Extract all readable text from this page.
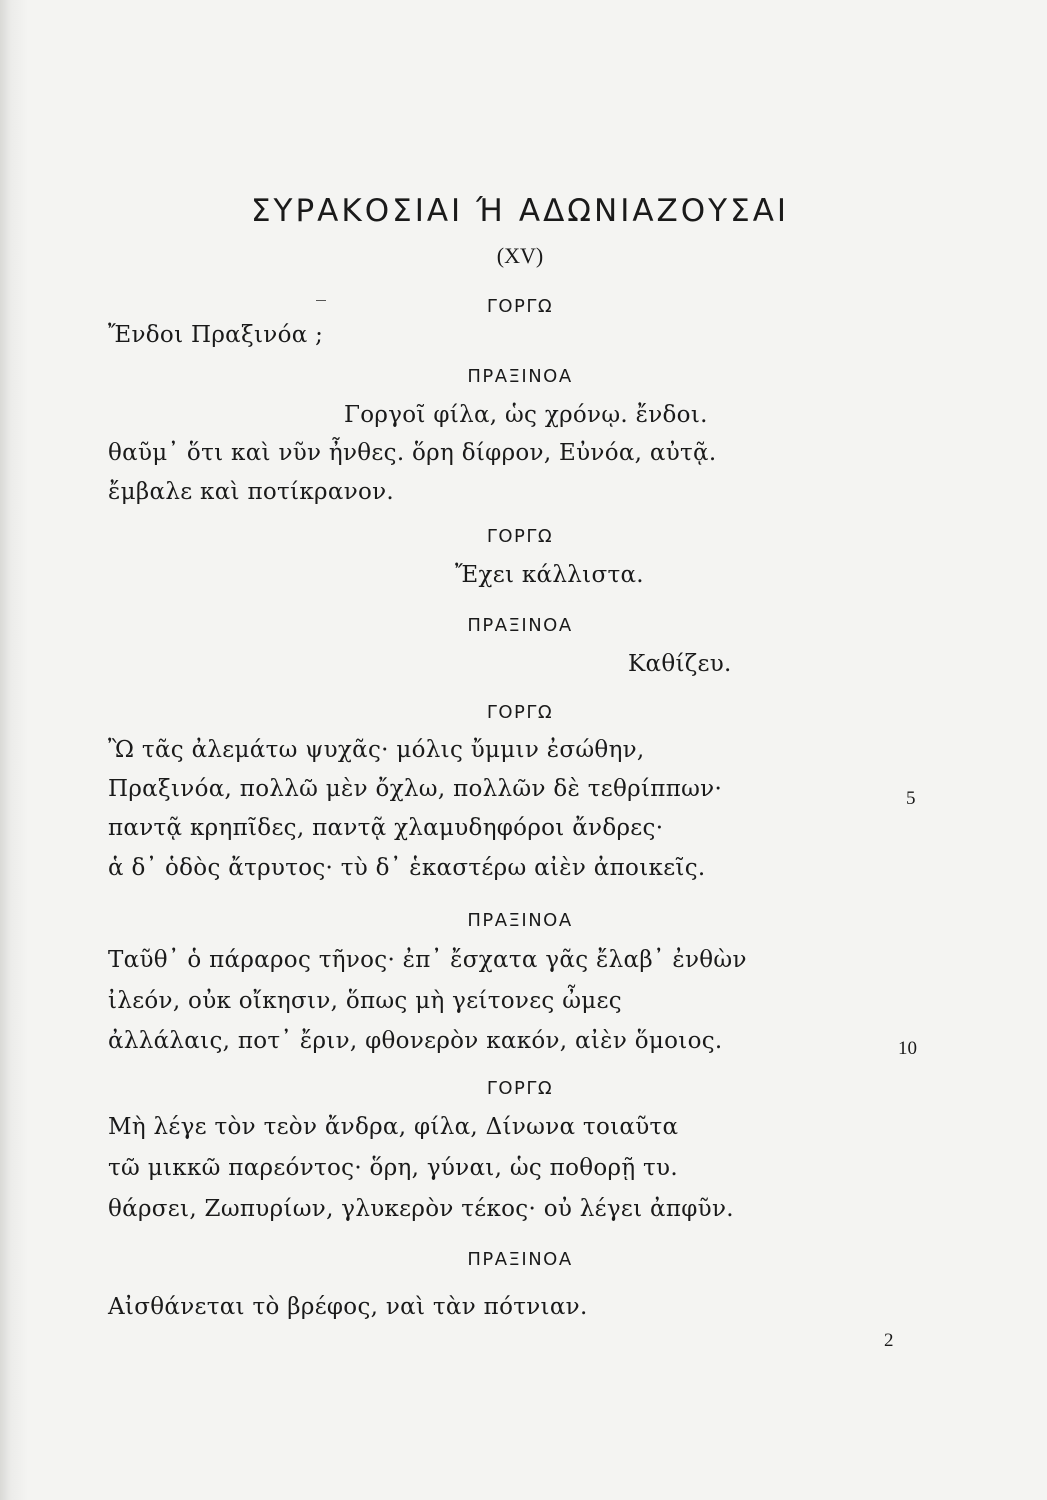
ΣΥΡΑΚΟΣΙΑΙ Ή ΑΔΩΝΙΑΖΟΥΣΑΙ
(XV)
ΓΟΡΓΩ
Ἔνδοι Πραξινόα ;
ΠΡΑΞΙΝΟΑ
Γοργοῖ φίλα, ὡς χρόνῳ. ἔνδοι.
θαῦμ᾽ ὅτι καὶ νῦν ἦνθες. ὅρη δίφρον, Εὐνόα, αὐτᾷ.
ἔμβαλε καὶ ποτίκρανον.
ΓΟΡΓΩ
Ἔχει κάλλιστα.
ΠΡΑΞΙΝΟΑ
Καθίζευ.
ΓΟΡΓΩ
Ὢ τᾶς ἀλεμάτω ψυχᾶς· μόλις ὔμμιν ἐσώθην,
Πραξινόα, πολλῶ μὲν ὄχλω, πολλῶν δὲ τεθρίππων·	5
παντᾷ κρηπῖδες, παντᾷ χλαμυδηφόροι ἄνδρες·
ἁ δ᾽ ὁδὸς ἄτρυτος· τὺ δ᾽ ἑκαστέρω αἰὲν ἀποικεῖς.
ΠΡΑΞΙΝΟΑ
Ταῦθ᾽ ὁ πάραρος τῆνος· ἐπ᾽ ἔσχατα γᾶς ἔλαβ᾽ ἐνθὼν
ἰλεόν, οὐκ οἴκησιν, ὅπως μὴ γείτονες ὦμες
ἀλλάλαις, ποτ᾽ ἔριν, φθονερὸν κακόν, αἰὲν ὅμοιος.	10
ΓΟΡΓΩ
Μὴ λέγε τὸν τεὸν ἄνδρα, φίλα, Δίνωνα τοιαῦτα
τῶ μικκῶ παρεόντος· ὅρη, γύναι, ὡς ποθορῇ τυ.
θάρσει, Ζωπυρίων, γλυκερὸν τέκος· οὐ λέγει ἀπφῦν.
ΠΡΑΞΙΝΟΑ
Αἰσθάνεται τὸ βρέφος, ναὶ τὰν πότνιαν.
2
